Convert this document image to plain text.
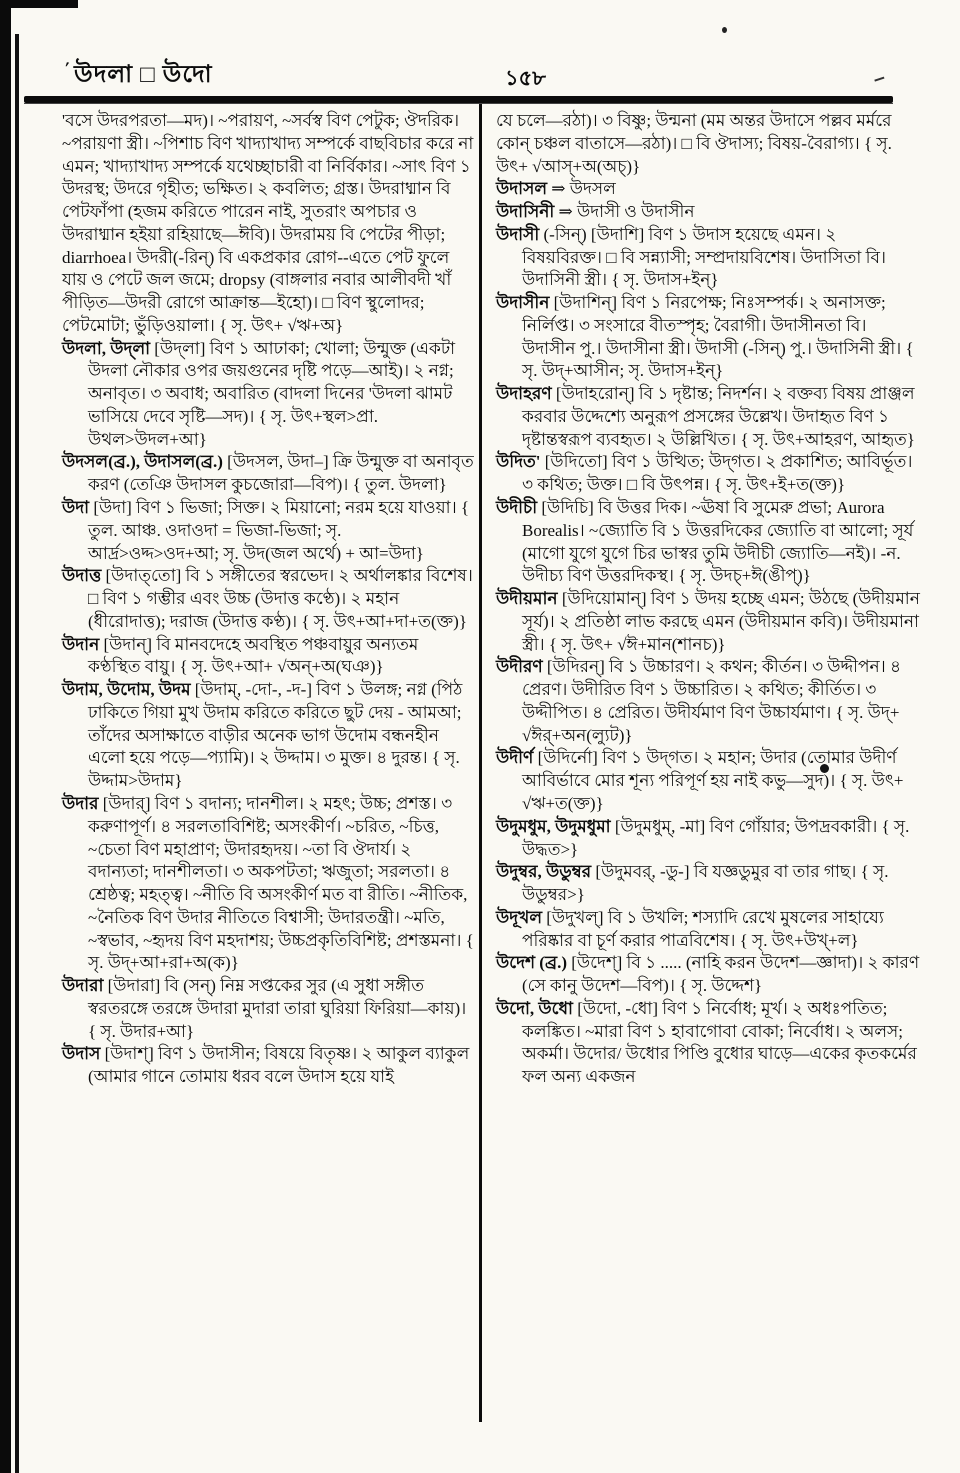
ʹ উদলা □ উদো	১৫৮

'বসে উদরপরতা—মদ)। ~পরায়ণ, ~সর্বস্ব বিণ পেটুক; ঔদরিক। ~পরায়ণা স্ত্রী। ~পিশাচ বিণ খাদ্যাখাদ্য সম্পর্কে বাছবিচার করে না এমন; খাদ্যাখাদ্য সম্পর্কে যথেচ্ছাচারী বা নির্বিকার। ~সাৎ বিণ ১ উদরস্থ; উদরে গৃহীত; ভক্ষিত। ২ কবলিত; গ্রস্ত। উদরাধ্মান বি পেটফাঁপা (হজম করিতে পারেন নাই, সুতরাং অপচার ও উদরাধ্মান হইয়া রহিয়াছে—ঈবি)। উদরাময় বি পেটের পীড়া; diarrhoea। উদরী(-রিন্) বি একপ্রকার রোগ--এতে পেট ফুলে যায় ও পেটে জল জমে; dropsy (বাঙ্গলার নবার আলীবদী খাঁ পীড়িত—উদরী রোগে আক্রান্ত—ইহো)। □ বিণ স্থুলোদর; পেটমোটা; ভুঁড়িওয়ালা। { সৃ. উৎ+ √ঋ+অ}

উদলা, উদ্‌লা [উদ্‌লা] বিণ ১ আঢাকা; খোলা; উন্মুক্ত (একটা উদলা নৌকার ওপর জয়গুনের দৃষ্টি পড়ে—আই)। ২ নগ্ন; অনাবৃত। ৩ অবাধ; অবারিত (বাদলা দিনের 'উদলা ঝামট ভাসিয়ে দেবে সৃষ্টি—সদ)। { সৃ. উৎ+স্থল>প্রা. উথল>উদল+আ}

উদসল(ব্র.), উদাসল(ব্র.) [উদসল, উদা–] ক্রি উন্মুক্ত বা অনাবৃত করণ (তেঞি উদাসল কুচজোরা—বিপ)। { তুল. উদলা}

উদা [উদা] বিণ ১ ভিজা; সিক্ত। ২ মিয়ানো; নরম হয়ে যাওয়া। { তুল. আঞ্চ. ওদাওদা = ভিজা-ভিজা; সৃ. আর্দ্র>ওদ্দ>ওদ+আ; সৃ. উদ(জল অর্থে) + আ=উদা}

উদাত্ত [উদাত্‌তো] বি ১ সঙ্গীতের স্বরভেদ। ২ অর্থালঙ্কার বিশেষ। □ বিণ ১ গম্ভীর এবং উচ্চ (উদাত্ত কণ্ঠে)। ২ মহান (ধীরোদাত্ত); দরাজ (উদাত্ত কণ্ঠ)। { সৃ. উৎ+আ+দা+ত(ক্ত)}

উদান [উদান্] বি মানবদেহে অবস্থিত পঞ্চবায়ুর অন্যতম কণ্ঠস্থিত বায়ু। { সৃ. উৎ+আ+ √অন্+অ(ঘঞ)}

উদাম, উদোম, উদম [উদাম্, -দো-, -দ-] বিণ ১ উলঙ্গ; নগ্ন (পিঠ ঢাকিতে গিয়া মুখ উদাম করিতে করিতে ছুট দেয় - আমআ; তাঁদের অসাক্ষাতে বাড়ীর অনেক ভাগ উদোম বন্ধনহীন এলো হয়ে পড়ে—প্যামি)। ২ উদ্দাম। ৩ মুক্ত। ৪ দুরন্ত। { সৃ. উদ্দাম>উদাম}

উদার [উদার্] বিণ ১ বদান্য; দানশীল। ২ মহৎ; উচ্চ; প্রশস্ত। ৩ করুণাপূর্ণ। ৪ সরলতাবিশিষ্ট; অসংকীর্ণ। ~চরিত, ~চিত্ত, ~চেতা বিণ মহাপ্রাণ; উদারহৃদয়। ~তা বি ঔদার্য। ২ বদান্যতা; দানশীলতা। ৩ অকপটতা; ঋজুতা; সরলতা। ৪ শ্রেষ্ঠত্ব; মহত্ত্ব। ~নীতি বি অসংকীর্ণ মত বা রীতি। ~নীতিক, ~নৈতিক বিণ উদার নীতিতে বিশ্বাসী; উদারতন্ত্রী। ~মতি, ~স্বভাব, ~হৃদয় বিণ মহদাশয়; উচ্চপ্রকৃতিবিশিষ্ট; প্রশস্তমনা। { সৃ. উদ্+আ+রা+অ(ক)}

উদারা [উদারা] বি (সন্) নিম্ন সপ্তকের সুর (এ সুধা সঙ্গীত স্বরতরঙ্গে তরঙ্গে উদারা মুদারা তারা ঘুরিয়া ফিরিয়া—কায়)। { সৃ. উদার+আ}

উদাস [উদাশ্] বিণ ১ উদাসীন; বিষয়ে বিতৃষ্ণ। ২ আকুল ব্যাকুল (আমার গানে তোমায় ধরব বলে উদাস হয়ে যাই

যে চলে—রঠা)। ৩ বিষ্ণু; উন্মনা (মম অন্তর উদাসে পল্লব মর্মরে কোন্ চঞ্চল বাতাসে—রঠা)। □ বি ঔদাস্য; বিষয়-বৈরাগ্য। { সৃ. উৎ+ √আস্+অ(অচ্)}

উদাসল ⇒ উদসল

উদাসিনী ⇒ উদাসী ও উদাসীন

উদাসী (-সিন্) [উদাশি] বিণ ১ উদাস হয়েছে এমন। ২ বিষয়বিরক্ত। □ বি সন্ন্যাসী; সম্প্রদায়বিশেষ। উদাসিতা বি। উদাসিনী স্ত্রী। { সৃ. উদাস+ইন্}

উদাসীন [উদাশিন্] বিণ ১ নিরপেক্ষ; নিঃসম্পর্ক। ২ অনাসক্ত; নির্লিপ্ত। ৩ সংসারে বীতস্পৃহ; বৈরাগী। উদাসীনতা বি। উদাসীন পু.। উদাসীনা স্ত্রী। উদাসী (-সিন্) পু.। উদাসিনী স্ত্রী। { সৃ. উদ্+আসীন; সৃ. উদাস+ইন্}

উদাহরণ [উদাহরোন্] বি ১ দৃষ্টান্ত; নিদর্শন। ২ বক্তব্য বিষয় প্রাঞ্জল করবার উদ্দেশ্যে অনুরূপ প্রসঙ্গের উল্লেখ। উদাহৃত বিণ ১ দৃষ্টান্তস্বরূপ ব্যবহৃত। ২ উল্লিখিত। { সৃ. উৎ+আহরণ, আহৃত}

উদিত' [উদিতো] বিণ ১ উত্থিত; উদ্‌গত। ২ প্রকাশিত; আবির্ভূত। ৩ কথিত; উক্ত। □ বি উৎপন্ন। { সৃ. উৎ+ই+ত(ক্ত)}

উদীচী [উদিচি] বি উত্তর দিক। ~ঊষা বি সুমেরু প্রভা; Aurora Borealis। ~জ্যোতি বি ১ উত্তরদিকের জ্যোতি বা আলো; সূর্য (মাগো যুগে যুগে চির ভাস্বর তুমি উদীচী জ্যোতি—নই)। -ন. উদীচ্য বিণ উত্তরদিকস্থ। { সৃ. উদচ্+ঈ(ঙীপ্)}

উদীয়মান [উদিয়োমান্] বিণ ১ উদয় হচ্ছে এমন; উঠছে (উদীয়মান সূর্য)। ২ প্রতিষ্ঠা লাভ করছে এমন (উদীয়মান কবি)। উদীয়মানা স্ত্রী। { সৃ. উৎ+ √ঈ+মান(শানচ)}

উদীরণ [উদিরন্] বি ১ উচ্চারণ। ২ কথন; কীর্তন। ৩ উদ্দীপন। ৪ প্রেরণ। উদীরিত বিণ ১ উচ্চারিত। ২ কথিত; কীর্তিত। ৩ উদ্দীপিত। ৪ প্রেরিত। উদীর্যমাণ বিণ উচ্চার্যমাণ। { সৃ. উদ্+ √ঈর্+অন(ল্যুট)}

উদীর্ণ [উদির্নো] বিণ ১ উদ্‌গত। ২ মহান; উদার (তোমার উদীর্ণ আবির্ভাবে মোর শূন্য পরিপূর্ণ হয় নাই কভু—সুদ)। { সৃ. উৎ+ √ঋ+ত(ক্ত)}

উদুমধুম, উদুমধুমা [উদুমধুম্, -মা] বিণ গোঁয়ার; উপদ্রবকারী। { সৃ. উদ্ধত>}

উদুম্বর, উডুম্বর [উদুমবর্, -ডু-] বি যজ্ঞডুমুর বা তার গাছ। { সৃ. উডুম্বর>}

উদূখল [উদুখল্] বি ১ উখলি; শস্যাদি রেখে মুষলের সাহায্যে পরিষ্কার বা চূর্ণ করার পাত্রবিশেষ। { সৃ. উৎ+উখ্+ল}

উদেশ (ব্র.) [উদেশ্] বি ১ ..... (নাহি করন উদেশ—জ্ঞাদা)। ২ কারণ (সে কানু উদেশ—বিপ)। { সৃ. উদ্দেশ}

উদো, উধো [উদো, -ধো] বিণ ১ নির্বোধ; মূর্খ। ২ অধঃপতিত; কলঙ্কিত। ~মারা বিণ ১ হাবাগোবা বোকা; নির্বোধ। ২ অলস; অকর্মা। উদোর/ উধোর পিণ্ডি বুধোর ঘাড়ে—একের কৃতকর্মের ফল অন্য একজন
